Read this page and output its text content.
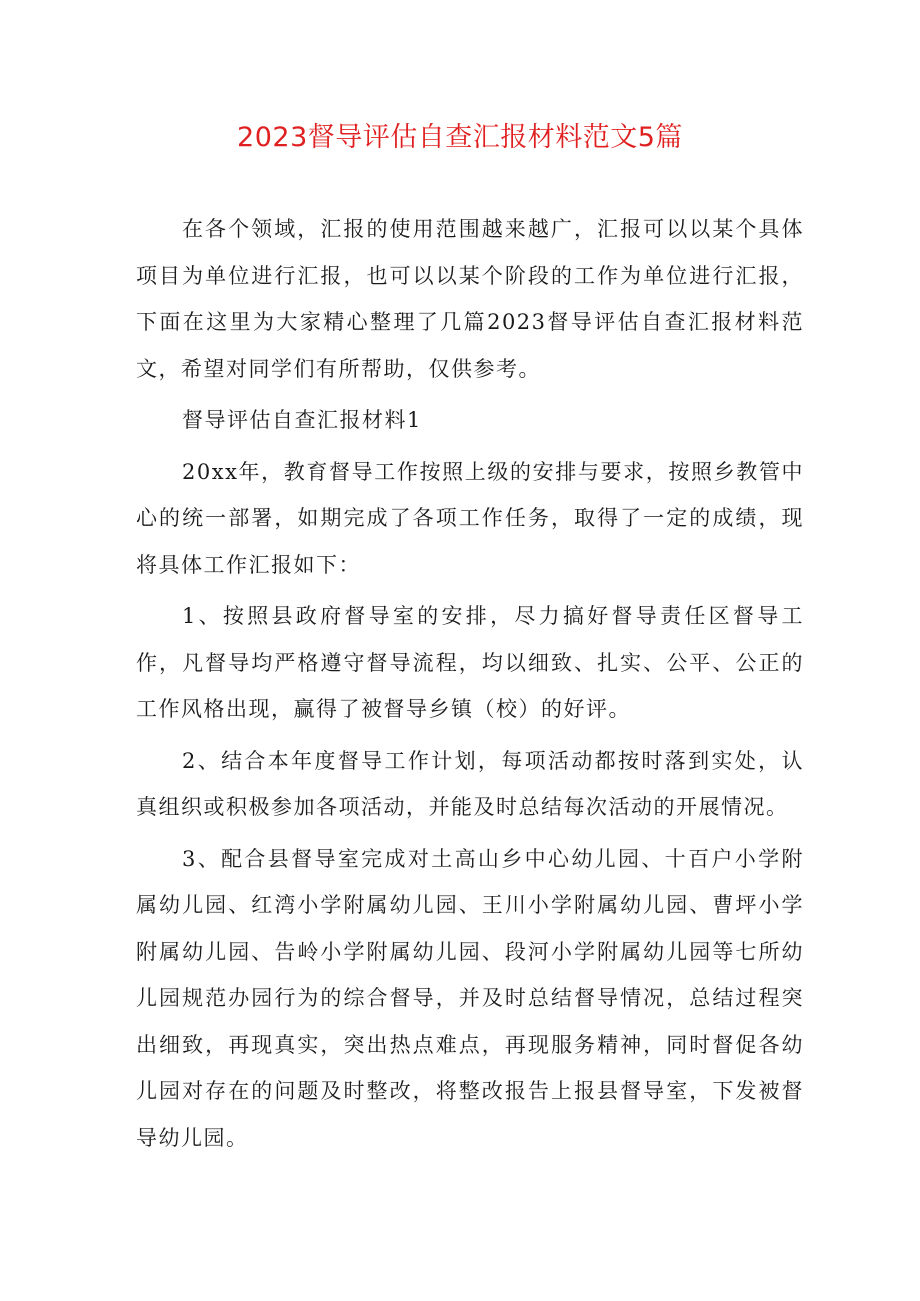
2023督导评估自查汇报材料范文5篇

在各个领域，汇报的使用范围越来越广，汇报可以以某个具体项目为单位进行汇报，也可以以某个阶段的工作为单位进行汇报，下面在这里为大家精心整理了几篇2023督导评估自查汇报材料范文，希望对同学们有所帮助，仅供参考。

督导评估自查汇报材料1

20xx年，教育督导工作按照上级的安排与要求，按照乡教管中心的统一部署，如期完成了各项工作任务，取得了一定的成绩，现将具体工作汇报如下：

1、按照县政府督导室的安排，尽力搞好督导责任区督导工作，凡督导均严格遵守督导流程，均以细致、扎实、公平、公正的工作风格出现，赢得了被督导乡镇（校）的好评。

2、结合本年度督导工作计划，每项活动都按时落到实处，认真组织或积极参加各项活动，并能及时总结每次活动的开展情况。

3、配合县督导室完成对土高山乡中心幼儿园、十百户小学附属幼儿园、红湾小学附属幼儿园、王川小学附属幼儿园、曹坪小学附属幼儿园、告岭小学附属幼儿园、段河小学附属幼儿园等七所幼儿园规范办园行为的综合督导，并及时总结督导情况，总结过程突出细致，再现真实，突出热点难点，再现服务精神，同时督促各幼儿园对存在的问题及时整改，将整改报告上报县督导室，下发被督导幼儿园。
